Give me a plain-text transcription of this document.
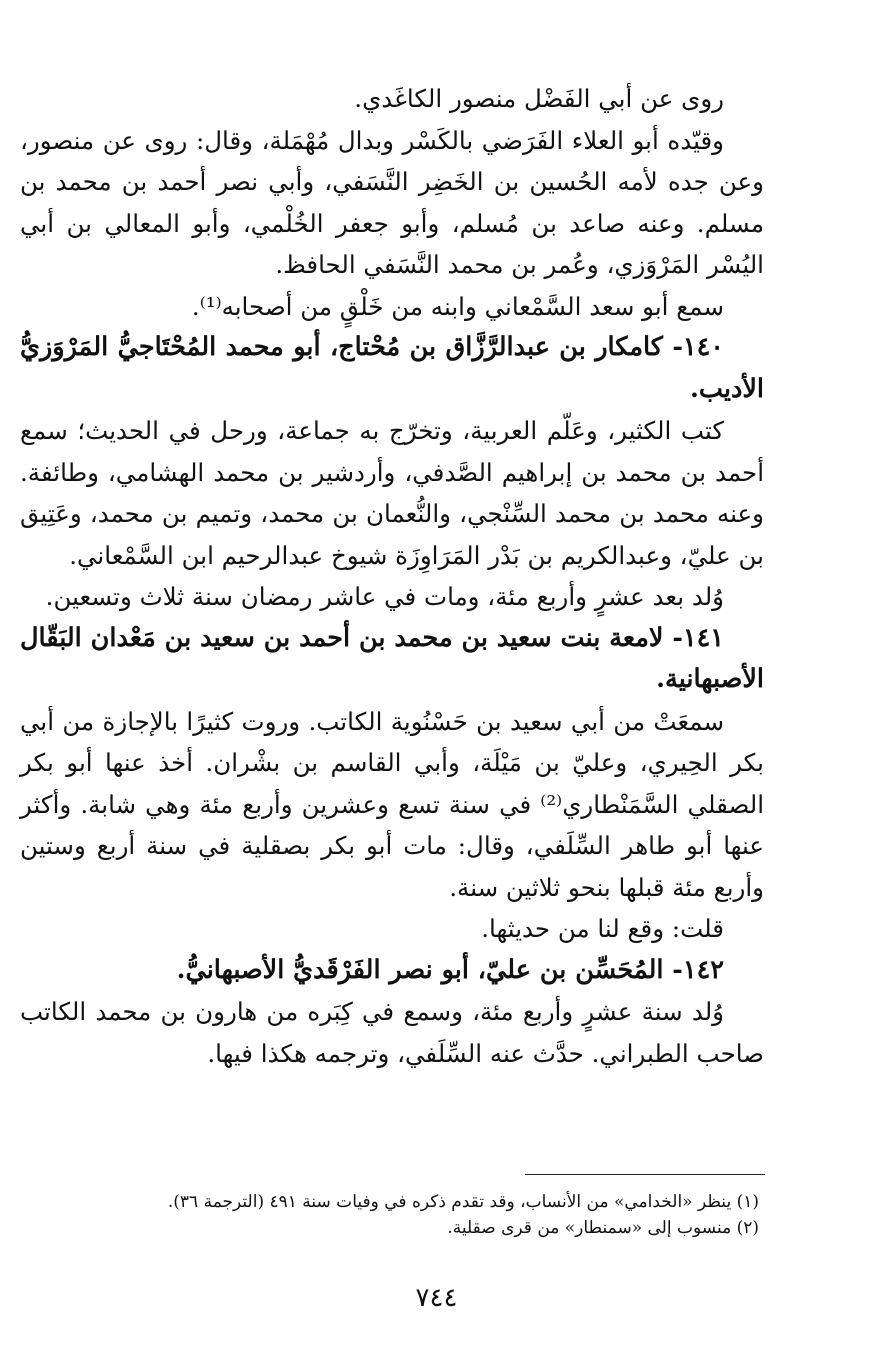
روى عن أبي الفَضْل منصور الكاغَدي.

وقيّده أبو العلاء الفَرَضي بالكَسْر وبدال مُهْمَلة، وقال: روى عن منصور، وعن جده لأمه الحُسين بن الخَضِر النَّسَفي، وأبي نصر أحمد بن محمد بن مسلم. وعنه صاعد بن مُسلم، وأبو جعفر الخُلْمي، وأبو المعالي بن أبي اليُسْر المَرْوَزي، وعُمر بن محمد النَّسَفي الحافظ.

سمع أبو سعد السَّمْعاني وابنه من خَلْقٍ من أصحابه⁽¹⁾.

١٤٠- كامكار بن عبدالرَّزَّاق بن مُحْتاج، أبو محمد المُحْتَاجيُّ المَرْوَزيُّ الأديب.

كتب الكثير، وعَلّم العربية، وتخرّج به جماعة، ورحل في الحديث؛ سمع أحمد بن محمد بن إبراهيم الصَّدفي، وأردشير بن محمد الهشامي، وطائفة. وعنه محمد بن محمد السِّنْجي، والنُّعمان بن محمد، وتميم بن محمد، وعَتِيق بن عليّ، وعبدالكريم بن بَدْر المَرَاوِزَة شيوخ عبدالرحيم ابن السَّمْعاني.

وُلد بعد عشرٍ وأربع مئة، ومات في عاشر رمضان سنة ثلاث وتسعين.

١٤١- لامعة بنت سعيد بن محمد بن أحمد بن سعيد بن مَعْدان البَقّال الأصبهانية.

سمعَتْ من أبي سعيد بن حَسْنُوية الكاتب. وروت كثيرًا بالإجازة من أبي بكر الحِيري، وعليّ بن مَيْلَة، وأبي القاسم بن بشْران. أخذ عنها أبو بكر الصقلي السَّمَنْطاري⁽²⁾ في سنة تسع وعشرين وأربع مئة وهي شابة. وأكثر عنها أبو طاهر السِّلَفي، وقال: مات أبو بكر بصقلية في سنة أربع وستين وأربع مئة قبلها بنحو ثلاثين سنة.

قلت: وقع لنا من حديثها.

١٤٢- المُحَسِّن بن عليّ، أبو نصر الفَرْقَديُّ الأصبهانيُّ.

وُلد سنة عشرٍ وأربع مئة، وسمع في كِبَره من هارون بن محمد الكاتب صاحب الطبراني. حدَّث عنه السِّلَفي، وترجمه هكذا فيها.

(١) ينظر «الخدامي» من الأنساب، وقد تقدم ذكره في وفيات سنة ٤٩١ (الترجمة ٣٦).

(٢) منسوب إلى «سمنطار» من قرى صقلية.

٧٤٤
